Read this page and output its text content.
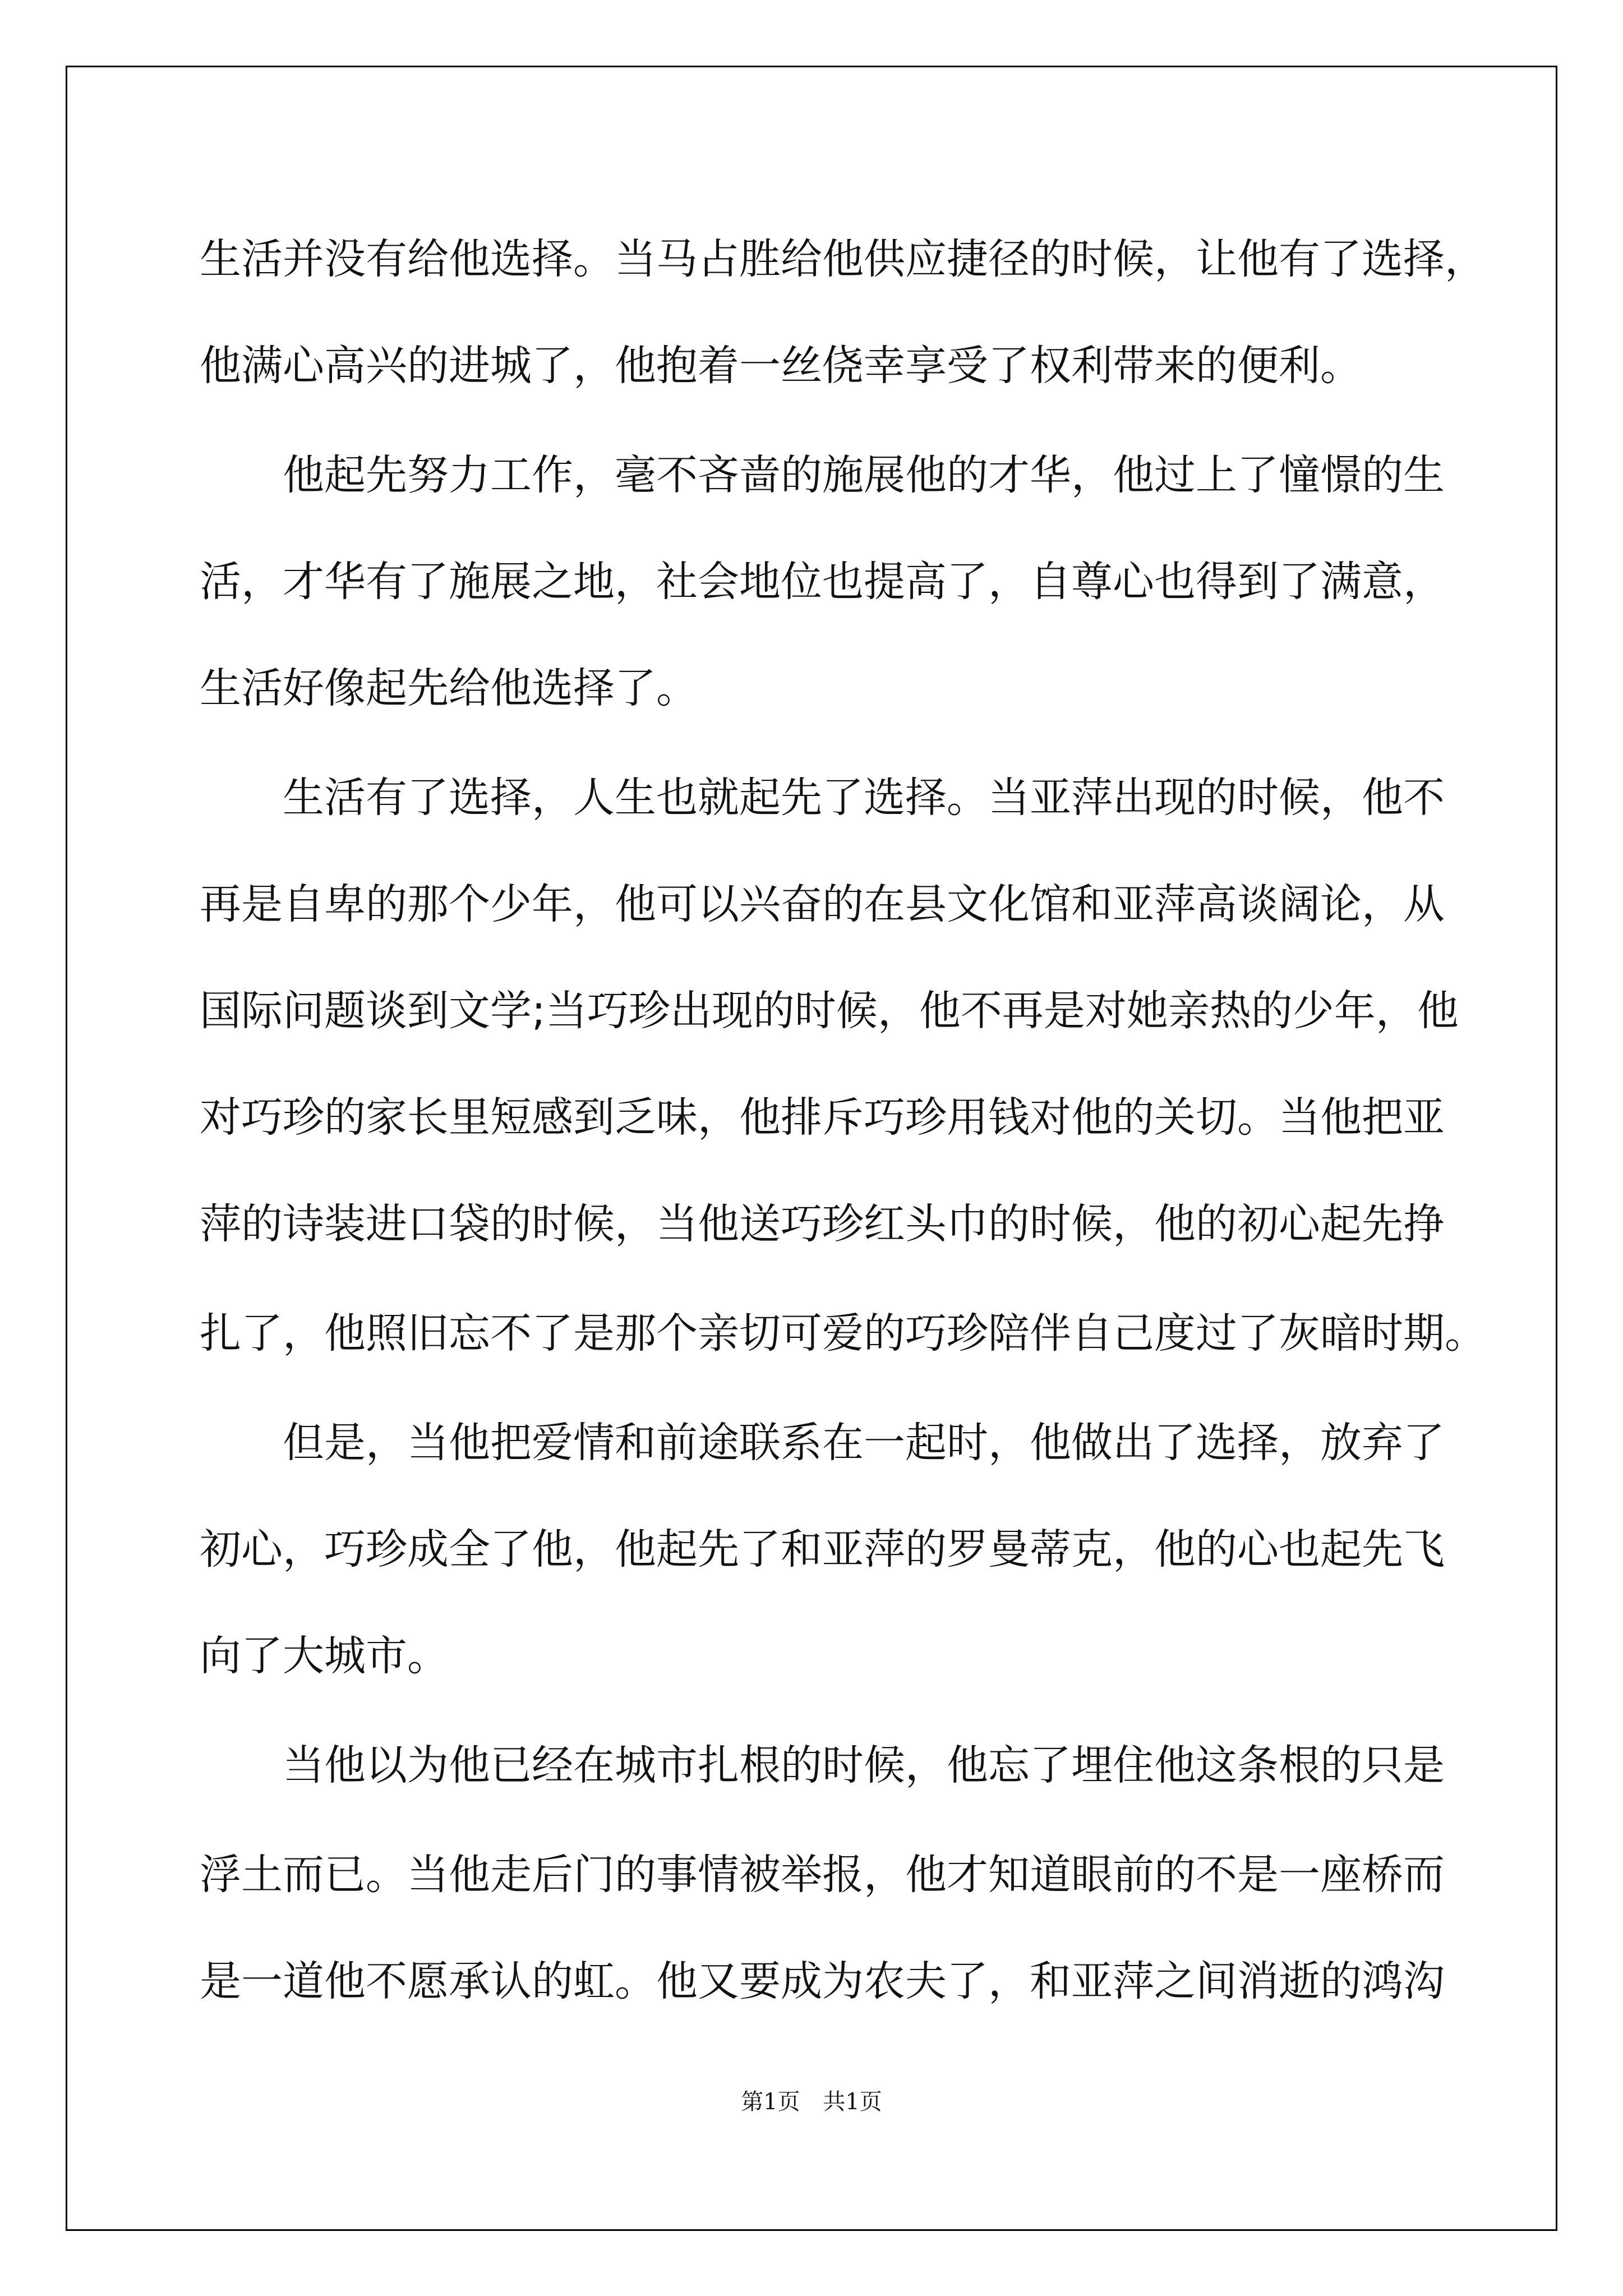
生活并没有给他选择。当马占胜给他供应捷径的时候，让他有了选择，
他满心高兴的进城了，他抱着一丝侥幸享受了权利带来的便利。
他起先努力工作，毫不吝啬的施展他的才华，他过上了憧憬的生
活，才华有了施展之地，社会地位也提高了，自尊心也得到了满意，
生活好像起先给他选择了。
生活有了选择，人生也就起先了选择。当亚萍出现的时候，他不
再是自卑的那个少年，他可以兴奋的在县文化馆和亚萍高谈阔论，从
国际问题谈到文学;当巧珍出现的时候，他不再是对她亲热的少年，他
对巧珍的家长里短感到乏味，他排斥巧珍用钱对他的关切。当他把亚
萍的诗装进口袋的时候，当他送巧珍红头巾的时候，他的初心起先挣
扎了，他照旧忘不了是那个亲切可爱的巧珍陪伴自己度过了灰暗时期。
但是，当他把爱情和前途联系在一起时，他做出了选择，放弃了
初心，巧珍成全了他，他起先了和亚萍的罗曼蒂克，他的心也起先飞
向了大城市。
当他以为他已经在城市扎根的时候，他忘了埋住他这条根的只是
浮土而已。当他走后门的事情被举报，他才知道眼前的不是一座桥而
是一道他不愿承认的虹。他又要成为农夫了，和亚萍之间消逝的鸿沟
第1页 共1页
